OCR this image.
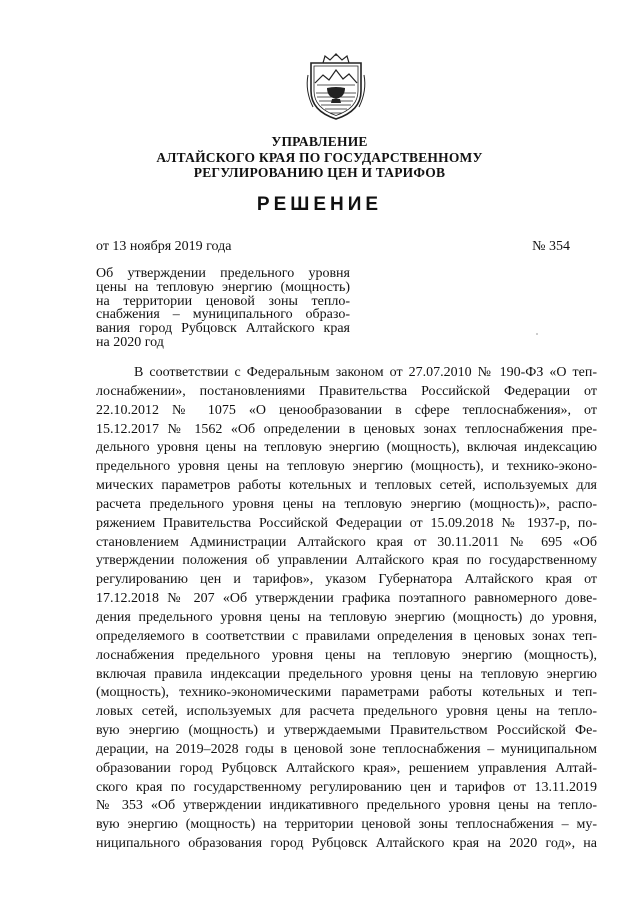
УПРАВЛЕНИЕ
АЛТАЙСКОГО КРАЯ ПО ГОСУДАРСТВЕННОМУ
РЕГУЛИРОВАНИЮ ЦЕН И ТАРИФОВ
РЕШЕНИЕ
от 13 ноября 2019 года	№ 354
Об утверждении предельного уровня
цены на тепловую энергию (мощность)
на территории ценовой зоны тепло-
снабжения – муниципального образо-
вания город Рубцовск Алтайского края
на 2020 год
В соответствии с Федеральным законом от 27.07.2010 № 190-ФЗ «О теп-
лоснабжении», постановлениями Правительства Российской Федерации от
22.10.2012 № 1075 «О ценообразовании в сфере теплоснабжения», от
15.12.2017 № 1562 «Об определении в ценовых зонах теплоснабжения пре-
дельного уровня цены на тепловую энергию (мощность), включая индексацию
предельного уровня цены на тепловую энергию (мощность), и технико-эконо-
мических параметров работы котельных и тепловых сетей, используемых для
расчета предельного уровня цены на тепловую энергию (мощность)», распо-
ряжением Правительства Российской Федерации от 15.09.2018 № 1937-р, по-
становлением Администрации Алтайского края от 30.11.2011 № 695 «Об
утверждении положения об управлении Алтайского края по государственному
регулированию цен и тарифов», указом Губернатора Алтайского края от
17.12.2018 № 207 «Об утверждении графика поэтапного равномерного дове-
дения предельного уровня цены на тепловую энергию (мощность) до уровня,
определяемого в соответствии с правилами определения в ценовых зонах теп-
лоснабжения предельного уровня цены на тепловую энергию (мощность),
включая правила индексации предельного уровня цены на тепловую энергию
(мощность), технико-экономическими параметрами работы котельных и теп-
ловых сетей, используемых для расчета предельного уровня цены на тепло-
вую энергию (мощность) и утверждаемыми Правительством Российской Фе-
дерации, на 2019–2028 годы в ценовой зоне теплоснабжения – муниципальном
образовании город Рубцовск Алтайского края», решением управления Алтай-
ского края по государственному регулированию цен и тарифов от 13.11.2019
№ 353 «Об утверждении индикативного предельного уровня цены на тепло-
вую энергию (мощность) на территории ценовой зоны теплоснабжения – му-
ниципального образования город Рубцовск Алтайского края на 2020 год», на
